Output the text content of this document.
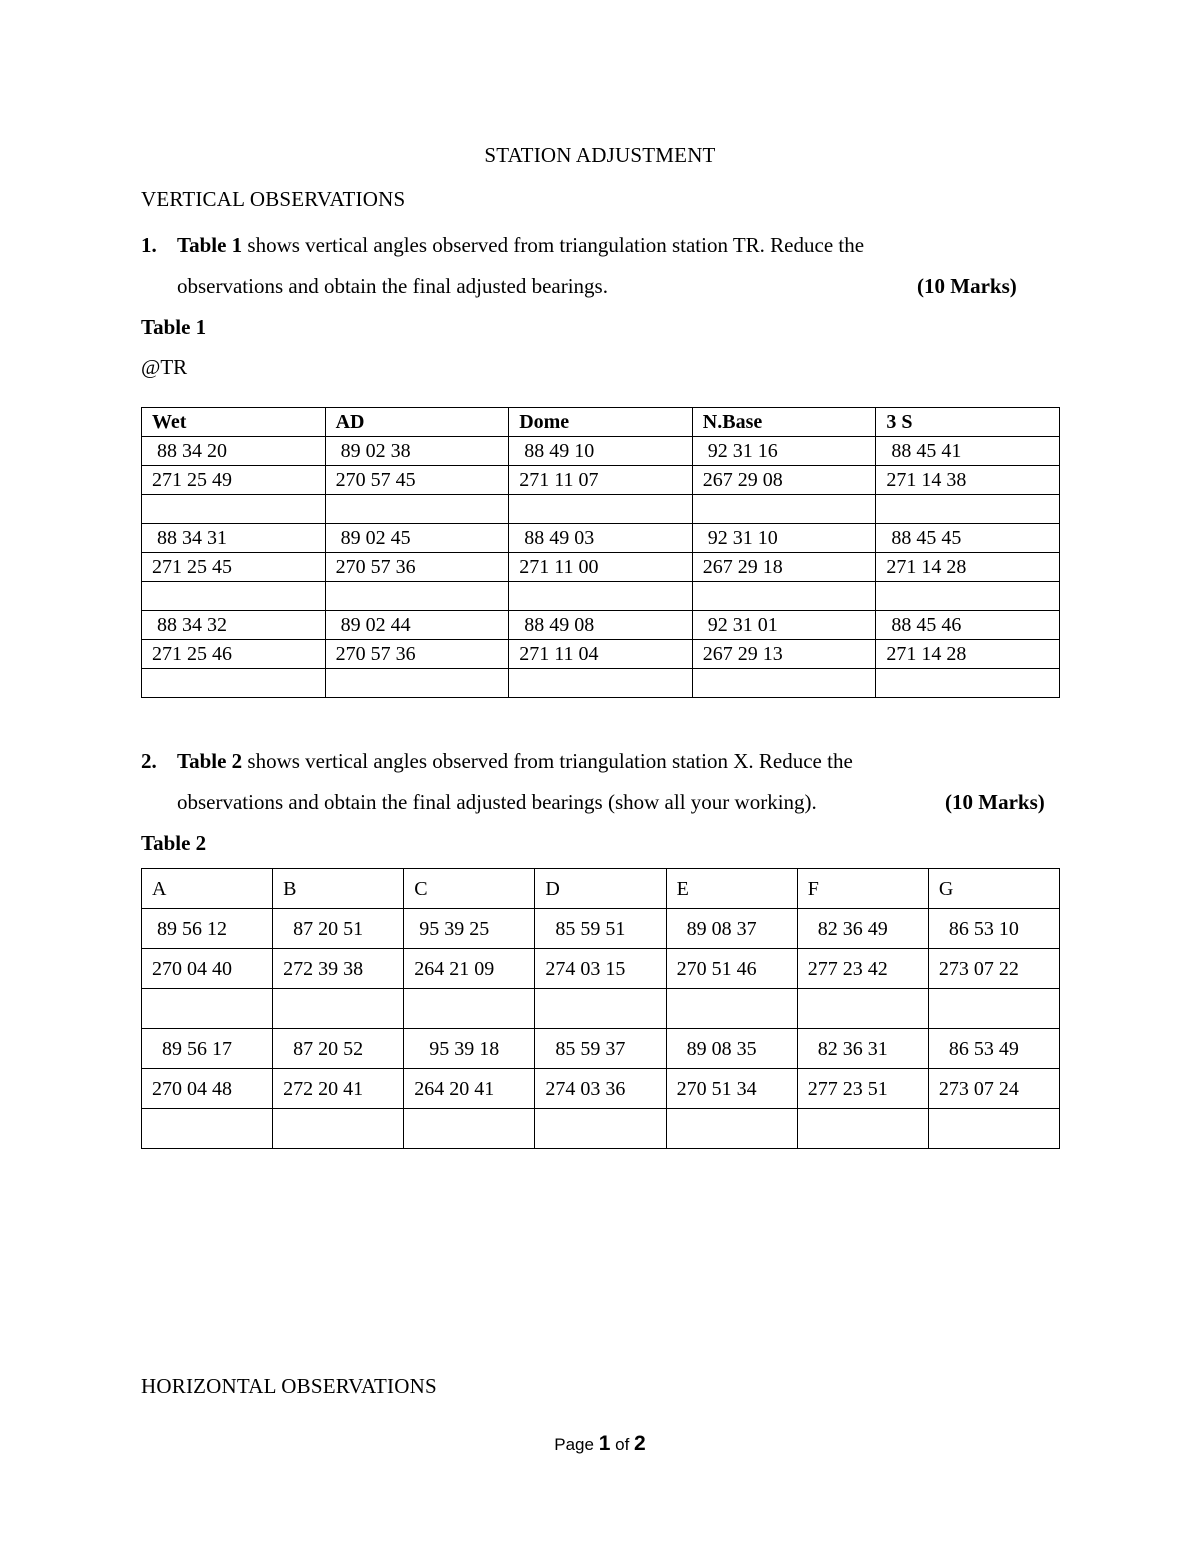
STATION ADJUSTMENT
VERTICAL OBSERVATIONS
1. Table 1 shows vertical angles observed from triangulation station TR. Reduce the
observations and obtain the final adjusted bearings.	(10 Marks)
Table 1
@TR
Wet	AD	Dome	N.Base	3 S
88 34 20	89 02 38	88 49 10	92 31 16	88 45 41
271 25 49	270 57 45	271 11 07	267 29 08	271 14 38

88 34 31	89 02 45	88 49 03	92 31 10	88 45 45
271 25 45	270 57 36	271 11 00	267 29 18	271 14 28

88 34 32	89 02 44	88 49 08	92 31 01	88 45 46
271 25 46	270 57 36	271 11 04	267 29 13	271 14 28

2. Table 2 shows vertical angles observed from triangulation station X. Reduce the
observations and obtain the final adjusted bearings (show all your working).	(10 Marks)
Table 2
A	B	C	D	E	F	G
89 56 12	87 20 51	95 39 25	85 59 51	89 08 37	82 36 49	86 53 10
270 04 40	272 39 38	264 21 09	274 03 15	270 51 46	277 23 42	273 07 22

89 56 17	87 20 52	95 39 18	85 59 37	89 08 35	82 36 31	86 53 49
270 04 48	272 20 41	264 20 41	274 03 36	270 51 34	277 23 51	273 07 24

HORIZONTAL OBSERVATIONS
Page 1 of 2
